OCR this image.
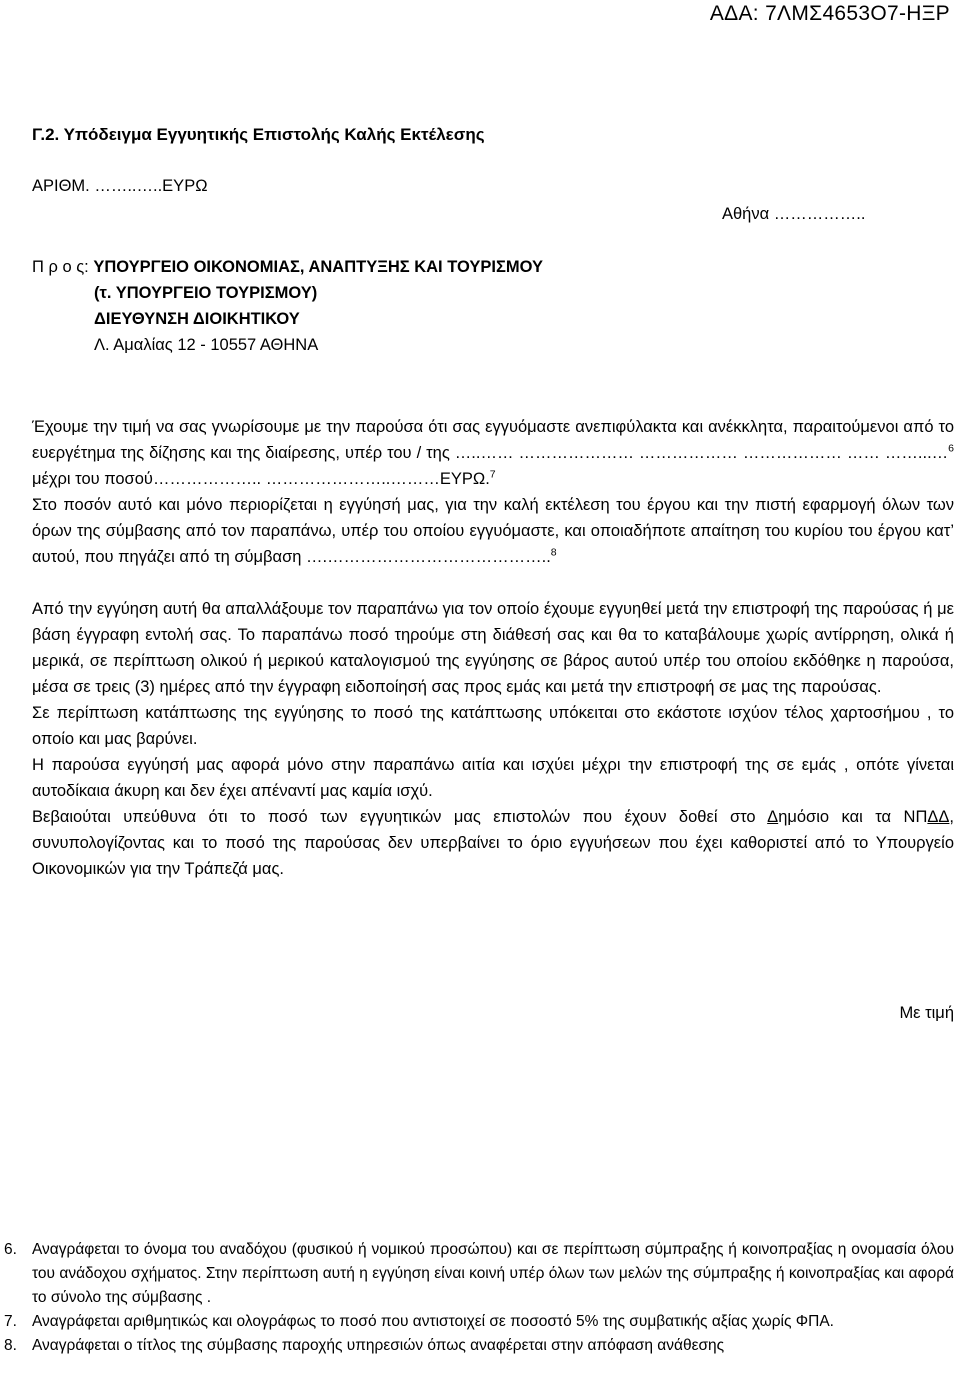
ΑΔΑ: 7ΛΜΣ4653Ο7-ΗΞΡ
Γ.2. Υπόδειγμα Εγγυητικής Επιστολής Καλής Εκτέλεσης
ΑΡΙΘΜ. ……..…..ΕΥΡΩ
Αθήνα ……………..
Π ρ ο ς: ΥΠΟΥΡΓΕΙΟ ΟΙΚΟΝΟΜΙΑΣ, ΑΝΑΠΤΥΞΗΣ ΚΑΙ ΤΟΥΡΙΣΜΟΥ
(τ. ΥΠΟΥΡΓΕΙΟ ΤΟΥΡΙΣΜΟΥ)
ΔΙΕΥΘΥΝΣΗ ΔΙΟΙΚΗΤΙΚΟΥ
Λ. Αμαλίας 12 - 10557 ΑΘΗΝΑ

Έχουμε την τιμή να σας γνωρίσουμε με την παρούσα ότι σας εγγυόμαστε ανεπιφύλακτα και ανέκκλητα, παραιτούμενοι από το ευεργέτημα της δίζησης και της διαίρεσης, υπέρ του / της …..…… ………………… ……………… ……………… …… ……...…$^6$ μέχρι του ποσού……………….. …………………..………ΕΥΡΩ.$^7$

Στο ποσόν αυτό και μόνο περιορίζεται η εγγύησή μας, για την καλή εκτέλεση του έργου και την πιστή εφαρμογή όλων των όρων της σύμβασης από τον παραπάνω, υπέρ του οποίου εγγυόμαστε, και οποιαδήποτε απαίτηση του κυρίου του έργου κατ’ αυτού, που πηγάζει από τη σύμβαση ….…………………………………..$^8$

Από την εγγύηση αυτή θα απαλλάξουμε τον παραπάνω για τον οποίο έχουμε εγγυηθεί μετά την επιστροφή της παρούσας ή με βάση έγγραφη εντολή σας. Το παραπάνω ποσό τηρούμε στη διάθεσή σας και θα το καταβάλουμε χωρίς αντίρρηση, ολικά ή μερικά, σε περίπτωση ολικού ή μερικού καταλογισμού της εγγύησης σε βάρος αυτού υπέρ του οποίου εκδόθηκε η παρούσα, μέσα σε τρεις (3) ημέρες από την έγγραφη ειδοποίησή σας προς εμάς και μετά την επιστροφή σε μας της παρούσας.

Σε περίπτωση κατάπτωσης της εγγύησης το ποσό της κατάπτωσης υπόκειται στο εκάστοτε ισχύον τέλος χαρτοσήμου , το οποίο και μας βαρύνει.

Η παρούσα εγγύησή μας αφορά μόνο στην παραπάνω αιτία και ισχύει μέχρι την επιστροφή της σε εμάς , οπότε γίνεται αυτοδίκαια άκυρη και δεν έχει απέναντί μας καμία ισχύ.

Βεβαιούται υπεύθυνα ότι το ποσό των εγγυητικών μας επιστολών που έχουν δοθεί στο Δημόσιο και τα ΝΠΔΔ, συνυπολογίζοντας και το ποσό της παρούσας δεν υπερβαίνει το όριο εγγυήσεων που έχει καθοριστεί από το Υπουργείο Οικονομικών για την Τράπεζά μας.

Με τιμή
6. Αναγράφεται το όνομα του αναδόχου (φυσικού ή νομικού προσώπου) και σε περίπτωση σύμπραξης ή κοινοπραξίας η ονομασία όλου του ανάδοχου σχήματος. Στην περίπτωση αυτή η εγγύηση είναι κοινή υπέρ όλων των μελών της σύμπραξης ή κοινοπραξίας και αφορά το σύνολο της σύμβασης .
7. Αναγράφεται αριθμητικώς και ολογράφως το ποσό που αντιστοιχεί σε ποσοστό 5% της συμβατικής αξίας χωρίς ΦΠΑ.
8. Αναγράφεται ο τίτλος της σύμβασης παροχής υπηρεσιών όπως αναφέρεται στην απόφαση ανάθεσης
